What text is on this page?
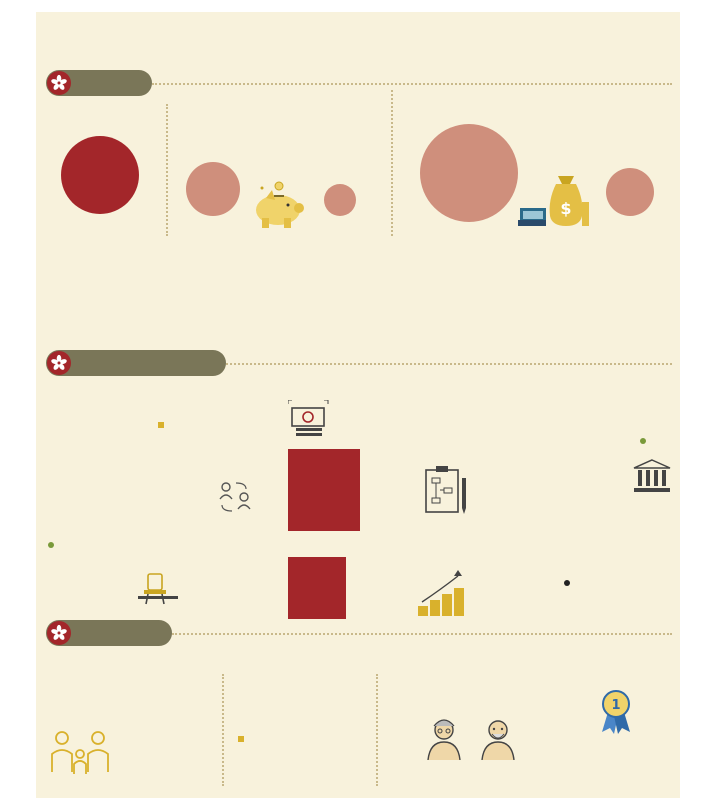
$
1
